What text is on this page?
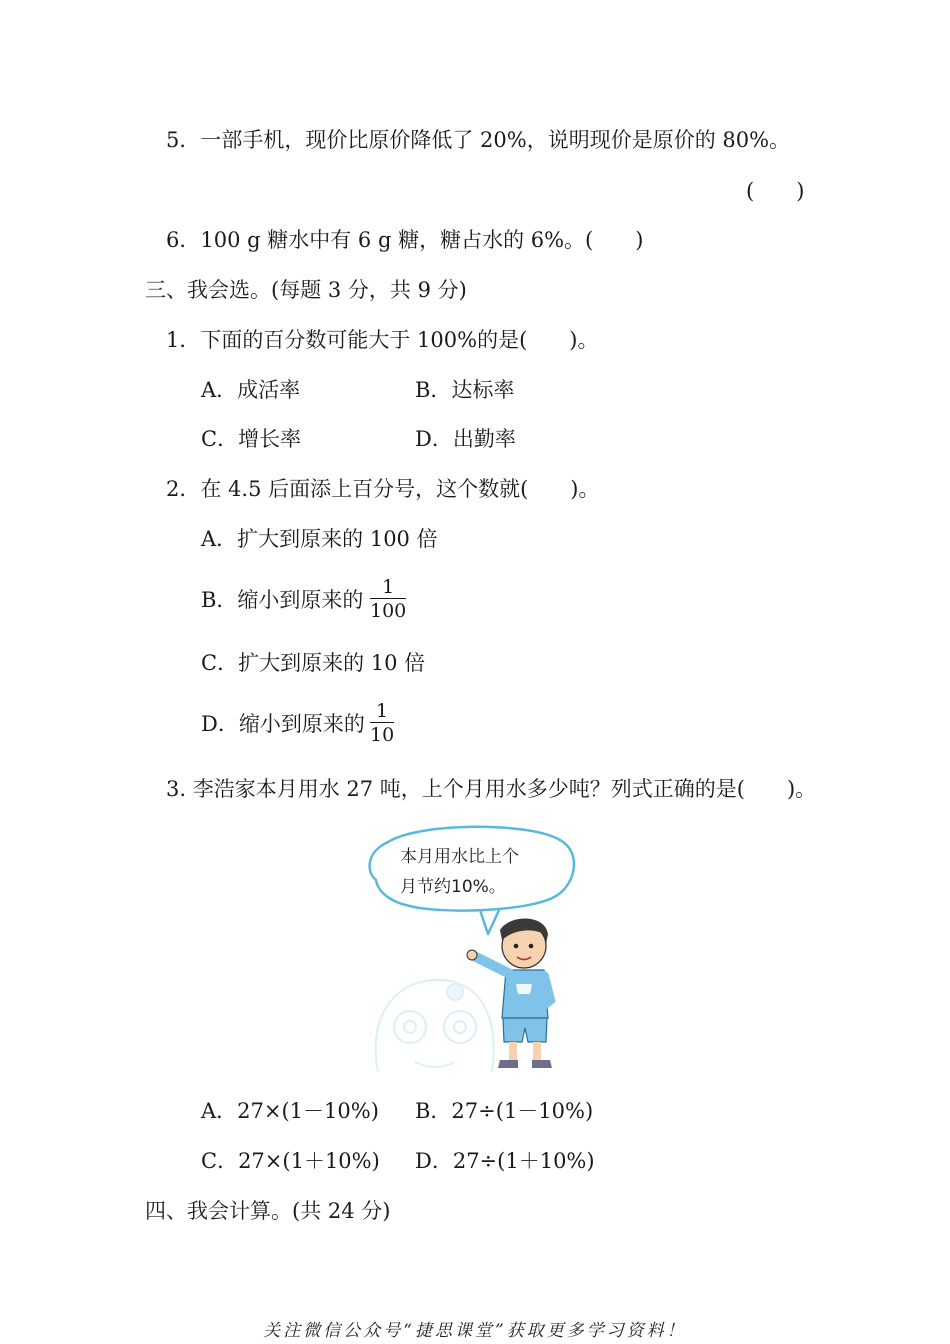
5．一部手机，现价比原价降低了 20%，说明现价是原价的 80%。
(　　)
6．100 g 糖水中有 6 g 糖，糖占水的 6%。(　　)
三、我会选。(每题 3 分，共 9 分)
1．下面的百分数可能大于 100%的是(　　)。
A．成活率	B．达标率
C．增长率	D．出勤率
2．在 4.5 后面添上百分号，这个数就(　　)。
A．扩大到原来的 100 倍
B．缩小到原来的 $\frac{1}{100}$
C．扩大到原来的 10 倍
D．缩小到原来的 $\frac{1}{10}$
3. 李浩家本月用水 27 吨，上个月用水多少吨？列式正确的是(　　)。
本月用水比上个
月节约10%。
A．27×(1－10%) B．27÷(1－10%)
C．27×(1＋10%) D．27÷(1＋10%)
四、我会计算。(共 24 分)
关注微信公众号“捷思课堂”获取更多学习资料！
